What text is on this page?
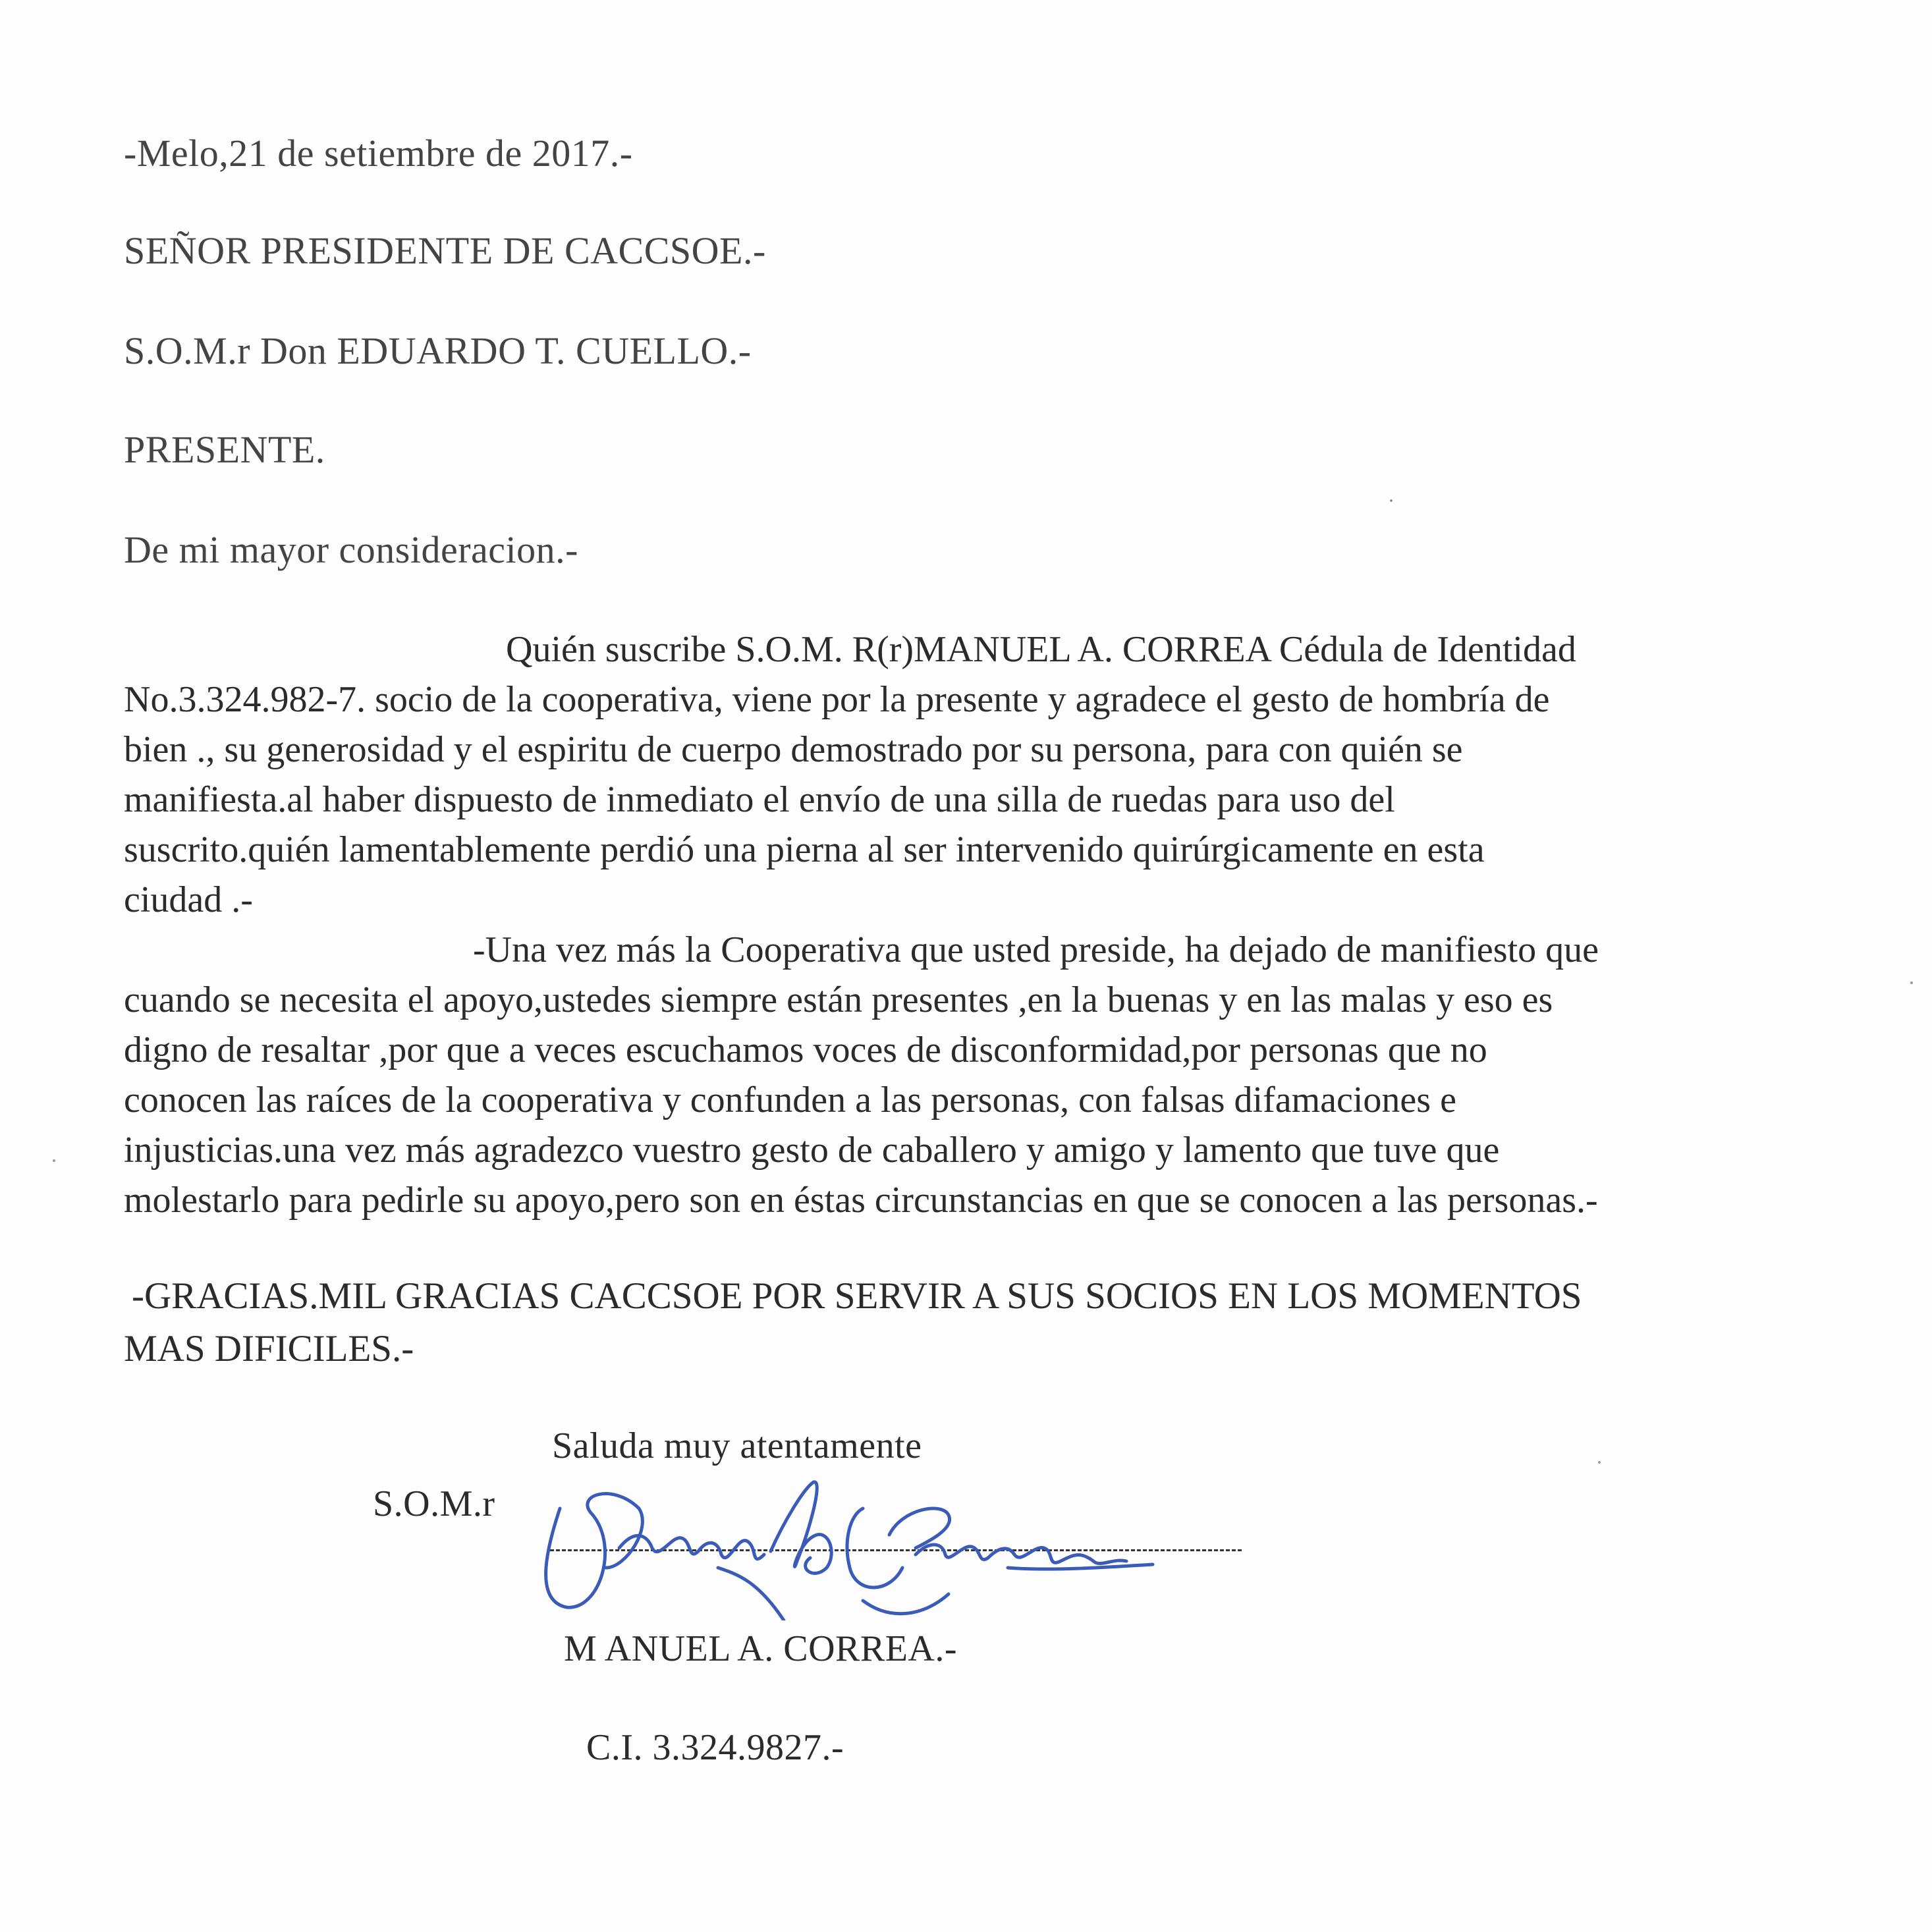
-Melo,21 de setiembre de 2017.-
SEÑOR PRESIDENTE DE CACCSOE.-
S.O.M.r Don EDUARDO T. CUELLO.-
PRESENTE.
De mi mayor consideracion.-
Quién suscribe S.O.M. R(r)MANUEL A. CORREA Cédula de Identidad
No.3.324.982-7. socio de la cooperativa, viene por la presente y agradece el gesto de hombría de
bien ., su generosidad y el espiritu de cuerpo demostrado por su persona, para con quién se
manifiesta.al haber dispuesto de inmediato el envío de una silla de ruedas para uso del
suscrito.quién lamentablemente perdió una pierna al ser intervenido quirúrgicamente en esta
ciudad .-
-Una vez más la Cooperativa que usted preside, ha dejado de manifiesto que
cuando se necesita el apoyo,ustedes siempre están presentes ,en la buenas y en las malas y eso es
digno de resaltar ,por que a veces escuchamos voces de disconformidad,por personas que no
conocen las raíces de la cooperativa y confunden a las personas, con falsas difamaciones e
injusticias.una vez más agradezco vuestro gesto de caballero y amigo y lamento que tuve que
molestarlo para pedirle su apoyo,pero son en éstas circunstancias en que se conocen a las personas.-
-GRACIAS.MIL GRACIAS CACCSOE POR SERVIR A SUS SOCIOS EN LOS MOMENTOS
MAS DIFICILES.-
Saluda muy atentamente
S.O.M.r
M ANUEL A. CORREA.-
C.I. 3.324.9827.-
